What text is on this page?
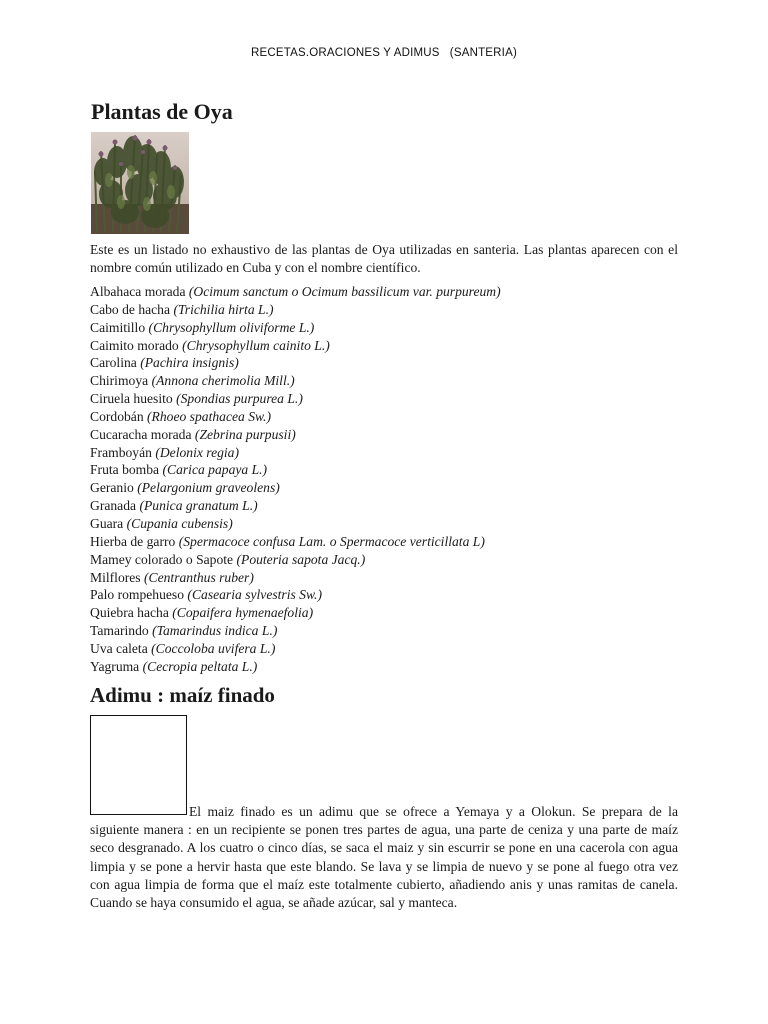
RECETAS.ORACIONES Y ADIMUS   (SANTERIA)
Plantas de Oya

Este es un listado no exhaustivo de las plantas de Oya utilizadas en santeria. Las plantas aparecen con el nombre común utilizado en Cuba y con el nombre científico.

Albahaca morada (Ocimum sanctum o Ocimum bassilicum var. purpureum)
Cabo de hacha (Trichilia hirta L.)
Caimitillo (Chrysophyllum oliviforme L.)
Caimito morado (Chrysophyllum cainito L.)
Carolina (Pachira insignis)
Chirimoya (Annona cherimolia Mill.)
Ciruela huesito (Spondias purpurea L.)
Cordobán (Rhoeo spathacea Sw.)
Cucaracha morada (Zebrina purpusii)
Framboyán (Delonix regia)
Fruta bomba (Carica papaya L.)
Geranio (Pelargonium graveolens)
Granada (Punica granatum L.)
Guara (Cupania cubensis)
Hierba de garro (Spermacoce confusa Lam. o Spermacoce verticillata L)
Mamey colorado o Sapote (Pouteria sapota Jacq.)
Milflores (Centranthus ruber)
Palo rompehueso (Casearia sylvestris Sw.)
Quiebra hacha (Copaifera hymenaefolia)
Tamarindo (Tamarindus indica L.)
Uva caleta (Coccoloba uvifera L.)
Yagruma (Cecropia peltata L.)
Adimu : maíz finado

El maiz finado es un adimu que se ofrece a Yemaya y a Olokun. Se prepara de la siguiente manera : en un recipiente se ponen tres partes de agua, una parte de ceniza y una parte de maíz seco desgranado. A los cuatro o cinco días, se saca el maiz y sin escurrir se pone en una cacerola con agua limpia y se pone a hervir hasta que este blando. Se lava y se limpia de nuevo y se pone al fuego otra vez con agua limpia de forma que el maíz este totalmente cubierto, añadiendo anis y unas ramitas de canela. Cuando se haya consumido el agua, se añade azúcar, sal y manteca.
